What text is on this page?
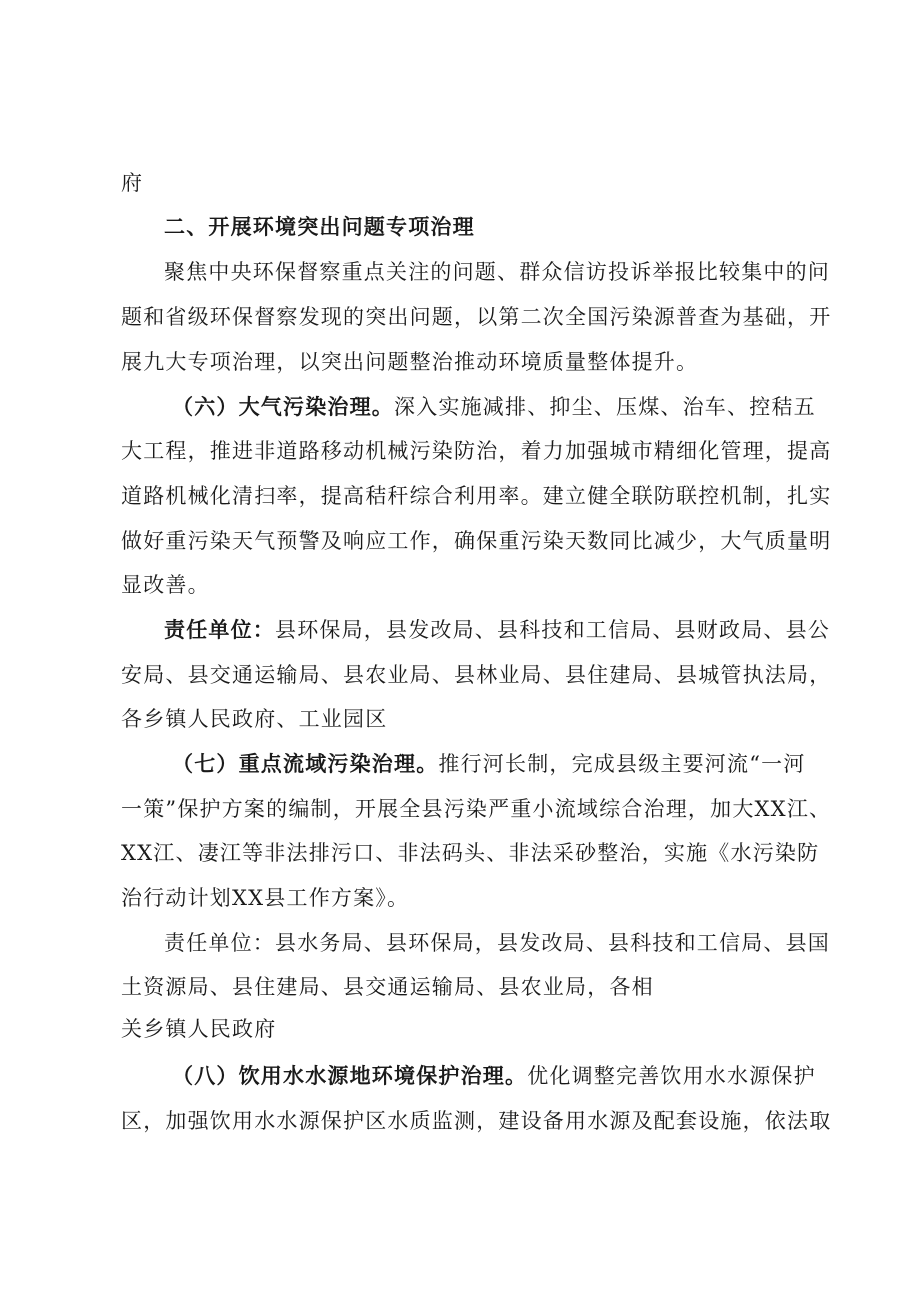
府
二、开展环境突出问题专项治理
聚焦中央环保督察重点关注的问题、群众信访投诉举报比较集中的问
题和省级环保督察发现的突出问题，以第二次全国污染源普查为基础，开
展九大专项治理，以突出问题整治推动环境质量整体提升。
（六）大气污染治理。深入实施减排、抑尘、压煤、治车、控秸五
大工程，推进非道路移动机械污染防治，着力加强城市精细化管理，提高
道路机械化清扫率，提高秸秆综合利用率。建立健全联防联控机制，扎实
做好重污染天气预警及响应工作，确保重污染天数同比减少，大气质量明
显改善。
责任单位：县环保局，县发改局、县科技和工信局、县财政局、县公
安局、县交通运输局、县农业局、县林业局、县住建局、县城管执法局，
各乡镇人民政府、工业园区
（七）重点流域污染治理。推行河长制，完成县级主要河流“一河
一策”保护方案的编制，开展全县污染严重小流域综合治理，加大XX江、
XX江、凄江等非法排污口、非法码头、非法采砂整治，实施《水污染防
治行动计划XX县工作方案》。
责任单位：县水务局、县环保局，县发改局、县科技和工信局、县国
土资源局、县住建局、县交通运输局、县农业局，各相
关乡镇人民政府
（八）饮用水水源地环境保护治理。优化调整完善饮用水水源保护
区，加强饮用水水源保护区水质监测，建设备用水源及配套设施，依法取
